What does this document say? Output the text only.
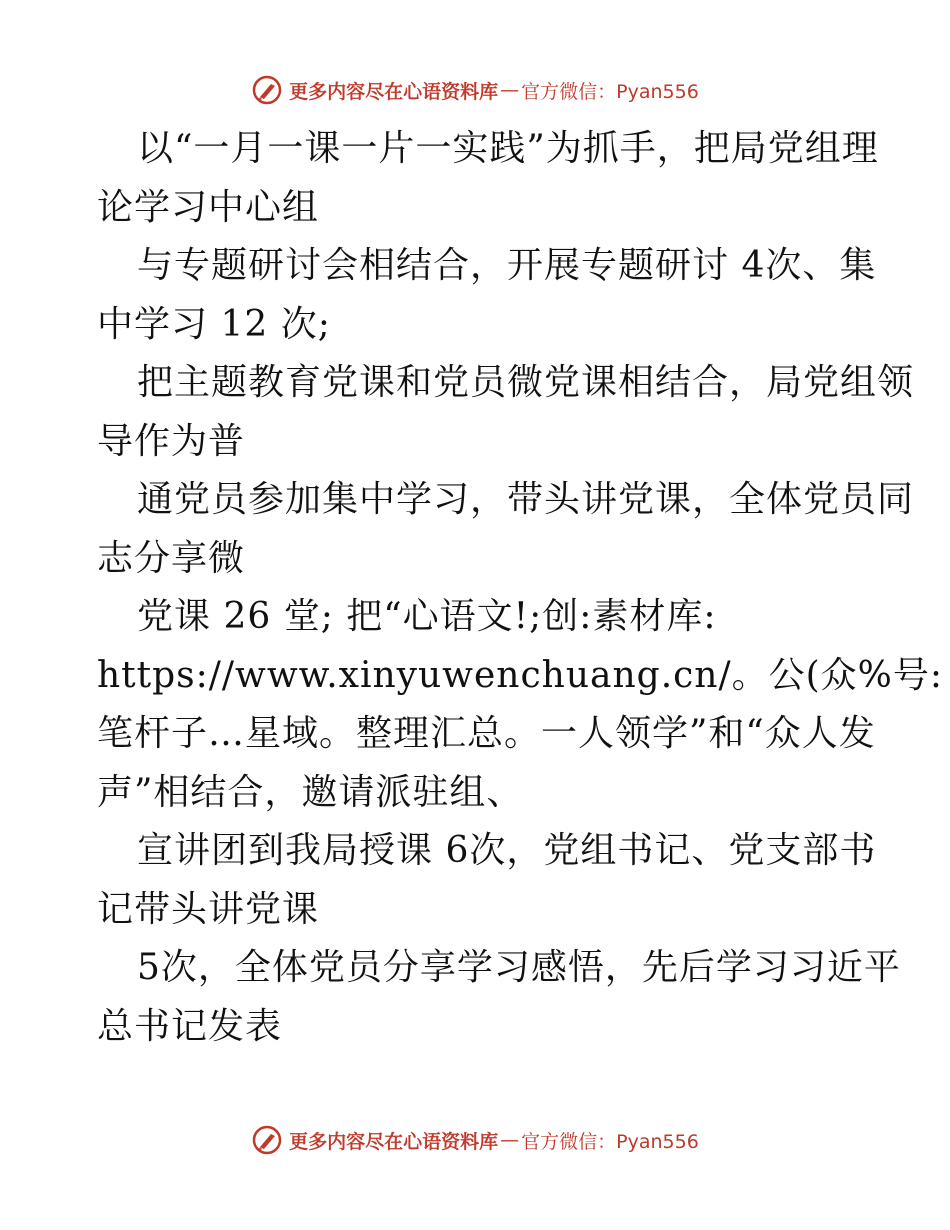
更多内容尽在心语资料库 — 官方微信：Pyan556
以“一月一课一片一实践”为抓手，把局党组理
论学习中心组
与专题研讨会相结合，开展专题研讨 4次、集
中学习 12 次;
把主题教育党课和党员微党课相结合，局党组领
导作为普
通党员参加集中学习，带头讲党课，全体党员同
志分享微
党课 26 堂; 把“心语文!;创:素材库:
https://www.xinyuwenchuang.cn/。公(众%号:
笔杆子…星域。整理汇总。一人领学”和“众人发
声”相结合，邀请派驻组、
宣讲团到我局授课 6次，党组书记、党支部书
记带头讲党课
5次，全体党员分享学习感悟，先后学习习近平
总书记发表
更多内容尽在心语资料库 — 官方微信：Pyan556
